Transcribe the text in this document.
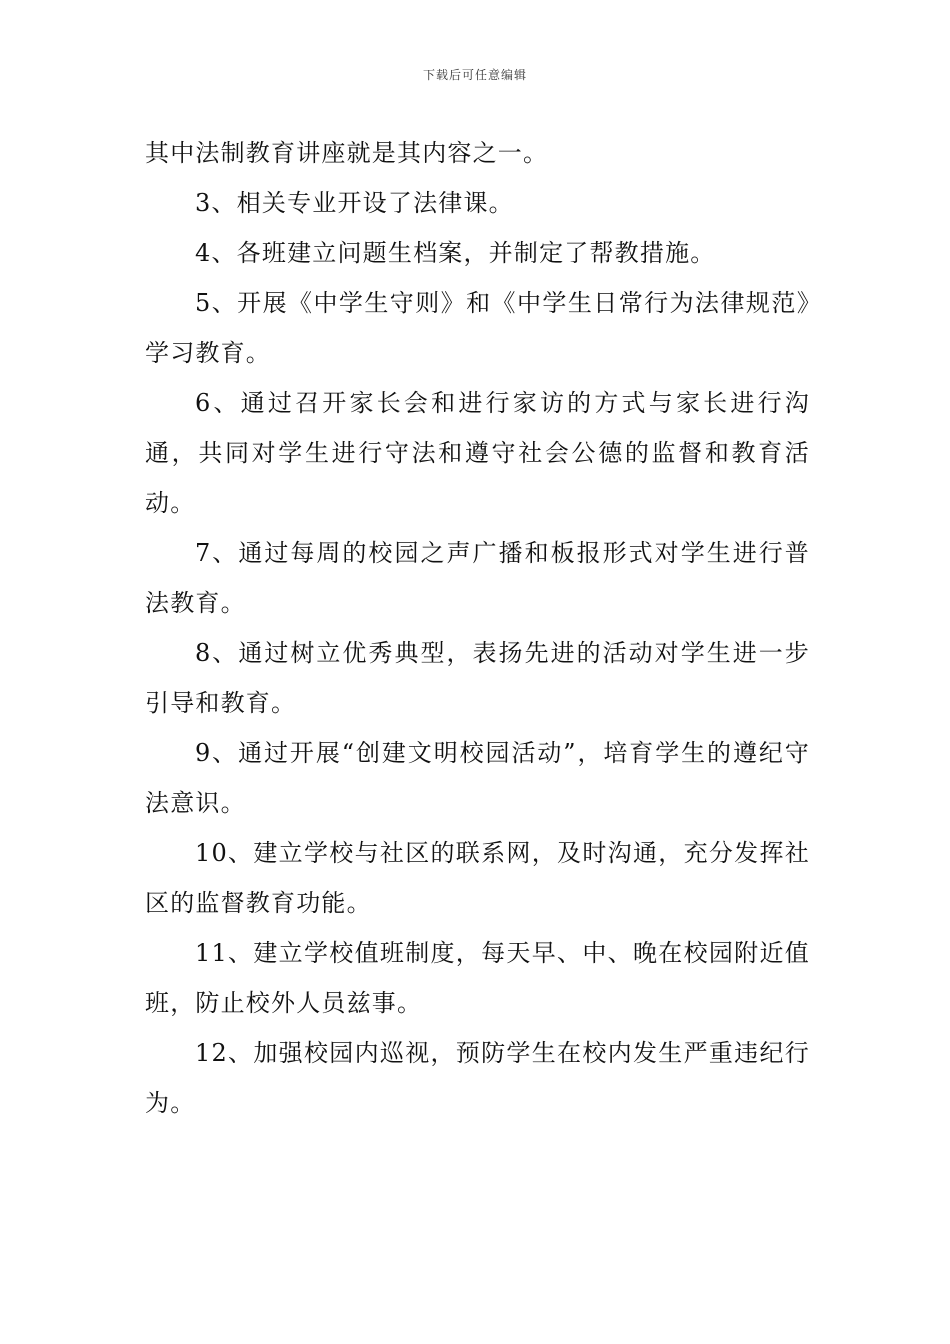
下载后可任意编辑

其中法制教育讲座就是其内容之一。

3、相关专业开设了法律课。

4、各班建立问题生档案，并制定了帮教措施。

5、开展《中学生守则》和《中学生日常行为法律规范》学习教育。

6、通过召开家长会和进行家访的方式与家长进行沟通，共同对学生进行守法和遵守社会公德的监督和教育活动。

7、通过每周的校园之声广播和板报形式对学生进行普法教育。

8、通过树立优秀典型，表扬先进的活动对学生进一步引导和教育。

9、通过开展“创建文明校园活动”，培育学生的遵纪守法意识。

10、建立学校与社区的联系网，及时沟通，充分发挥社区的监督教育功能。

11、建立学校值班制度，每天早、中、晚在校园附近值班，防止校外人员兹事。

12、加强校园内巡视，预防学生在校内发生严重违纪行为。
